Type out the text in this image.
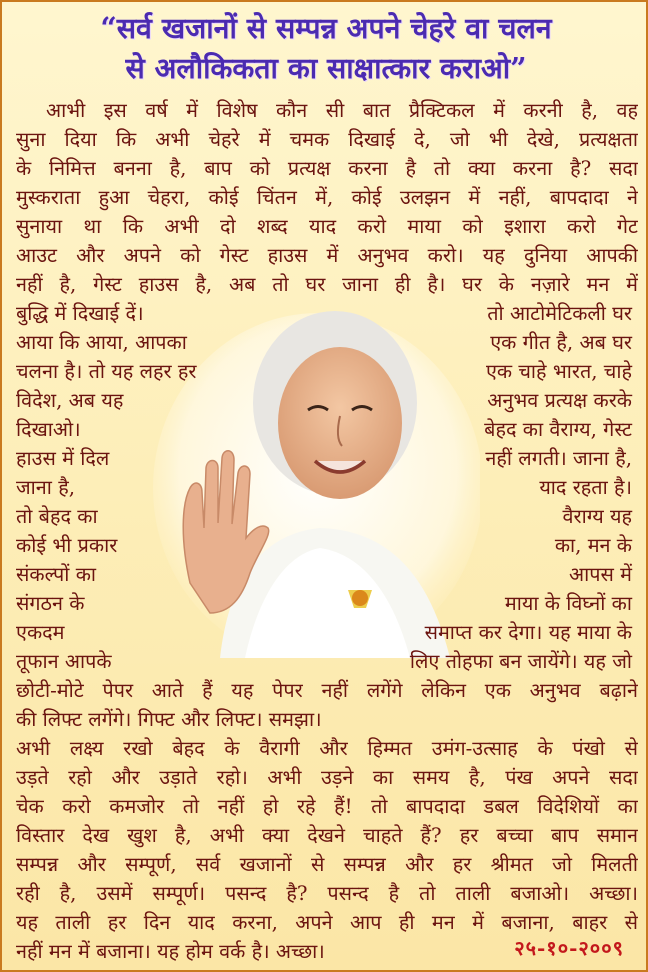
“सर्व खजानों से सम्पन्न अपने चेहरे वा चलन
से अलौकिकता का साक्षात्कार कराओ”
आभी इस वर्ष में विशेष कौन सी बात प्रैक्टिकल में करनी है, वह
सुना दिया कि अभी चेहरे में चमक दिखाई दे, जो भी देखे, प्रत्यक्षता
के निमित्त बनना है, बाप को प्रत्यक्ष करना है तो क्या करना है? सदा
मुस्कराता हुआ चेहरा, कोई चिंतन में, कोई उलझन में नहीं, बापदादा ने
सुनाया था कि अभी दो शब्द याद करो माया को इशारा करो गेट
आउट और अपने को गेस्ट हाउस में अनुभव करो। यह दुनिया आपकी
नहीं है, गेस्ट हाउस है, अब तो घर जाना ही है। घर के नज़ारे मन में
बुद्धि में दिखाई दें।	तो आटोमेटिकली घर
आया कि आया, आपका	एक गीत है, अब घर
चलना है। तो यह लहर हर	एक चाहे भारत, चाहे
विदेश, अब यह	अनुभव प्रत्यक्ष करके
दिखाओ।	बेहद का वैराग्य, गेस्ट
हाउस में दिल	नहीं लगती। जाना है,
जाना है,	याद रहता है।
तो बेहद का	वैराग्य यह
कोई भी प्रकार	का, मन के
संकल्पों का	आपस में
संगठन के	माया के विघ्नों का
एकदम	समाप्त कर देगा। यह माया के
तूफान आपके	लिए तोहफा बन जायेंगे। यह जो
छोटी-मोटे पेपर आते हैं यह पेपर नहीं लगेंगे लेकिन एक अनुभव बढ़ाने
की लिफ्ट लगेंगे। गिफ्ट और लिफ्ट। समझा।
अभी लक्ष्य रखो बेहद के वैरागी और हिम्मत उमंग-उत्साह के पंखो से
उड़ते रहो और उड़ाते रहो। अभी उड़ने का समय है, पंख अपने सदा
चेक करो कमजोर तो नहीं हो रहे हैं! तो बापदादा डबल विदेशियों का
विस्तार देख खुश है, अभी क्या देखने चाहते हैं? हर बच्चा बाप समान
सम्पन्न और सम्पूर्ण, सर्व खजानों से सम्पन्न और हर श्रीमत जो मिलती
रही है, उसमें सम्पूर्ण। पसन्द है? पसन्द है तो ताली बजाओ। अच्छा।
यह ताली हर दिन याद करना, अपने आप ही मन में बजाना, बाहर से
नहीं मन में बजाना। यह होम वर्क है। अच्छा।	२५-१०-२००९
